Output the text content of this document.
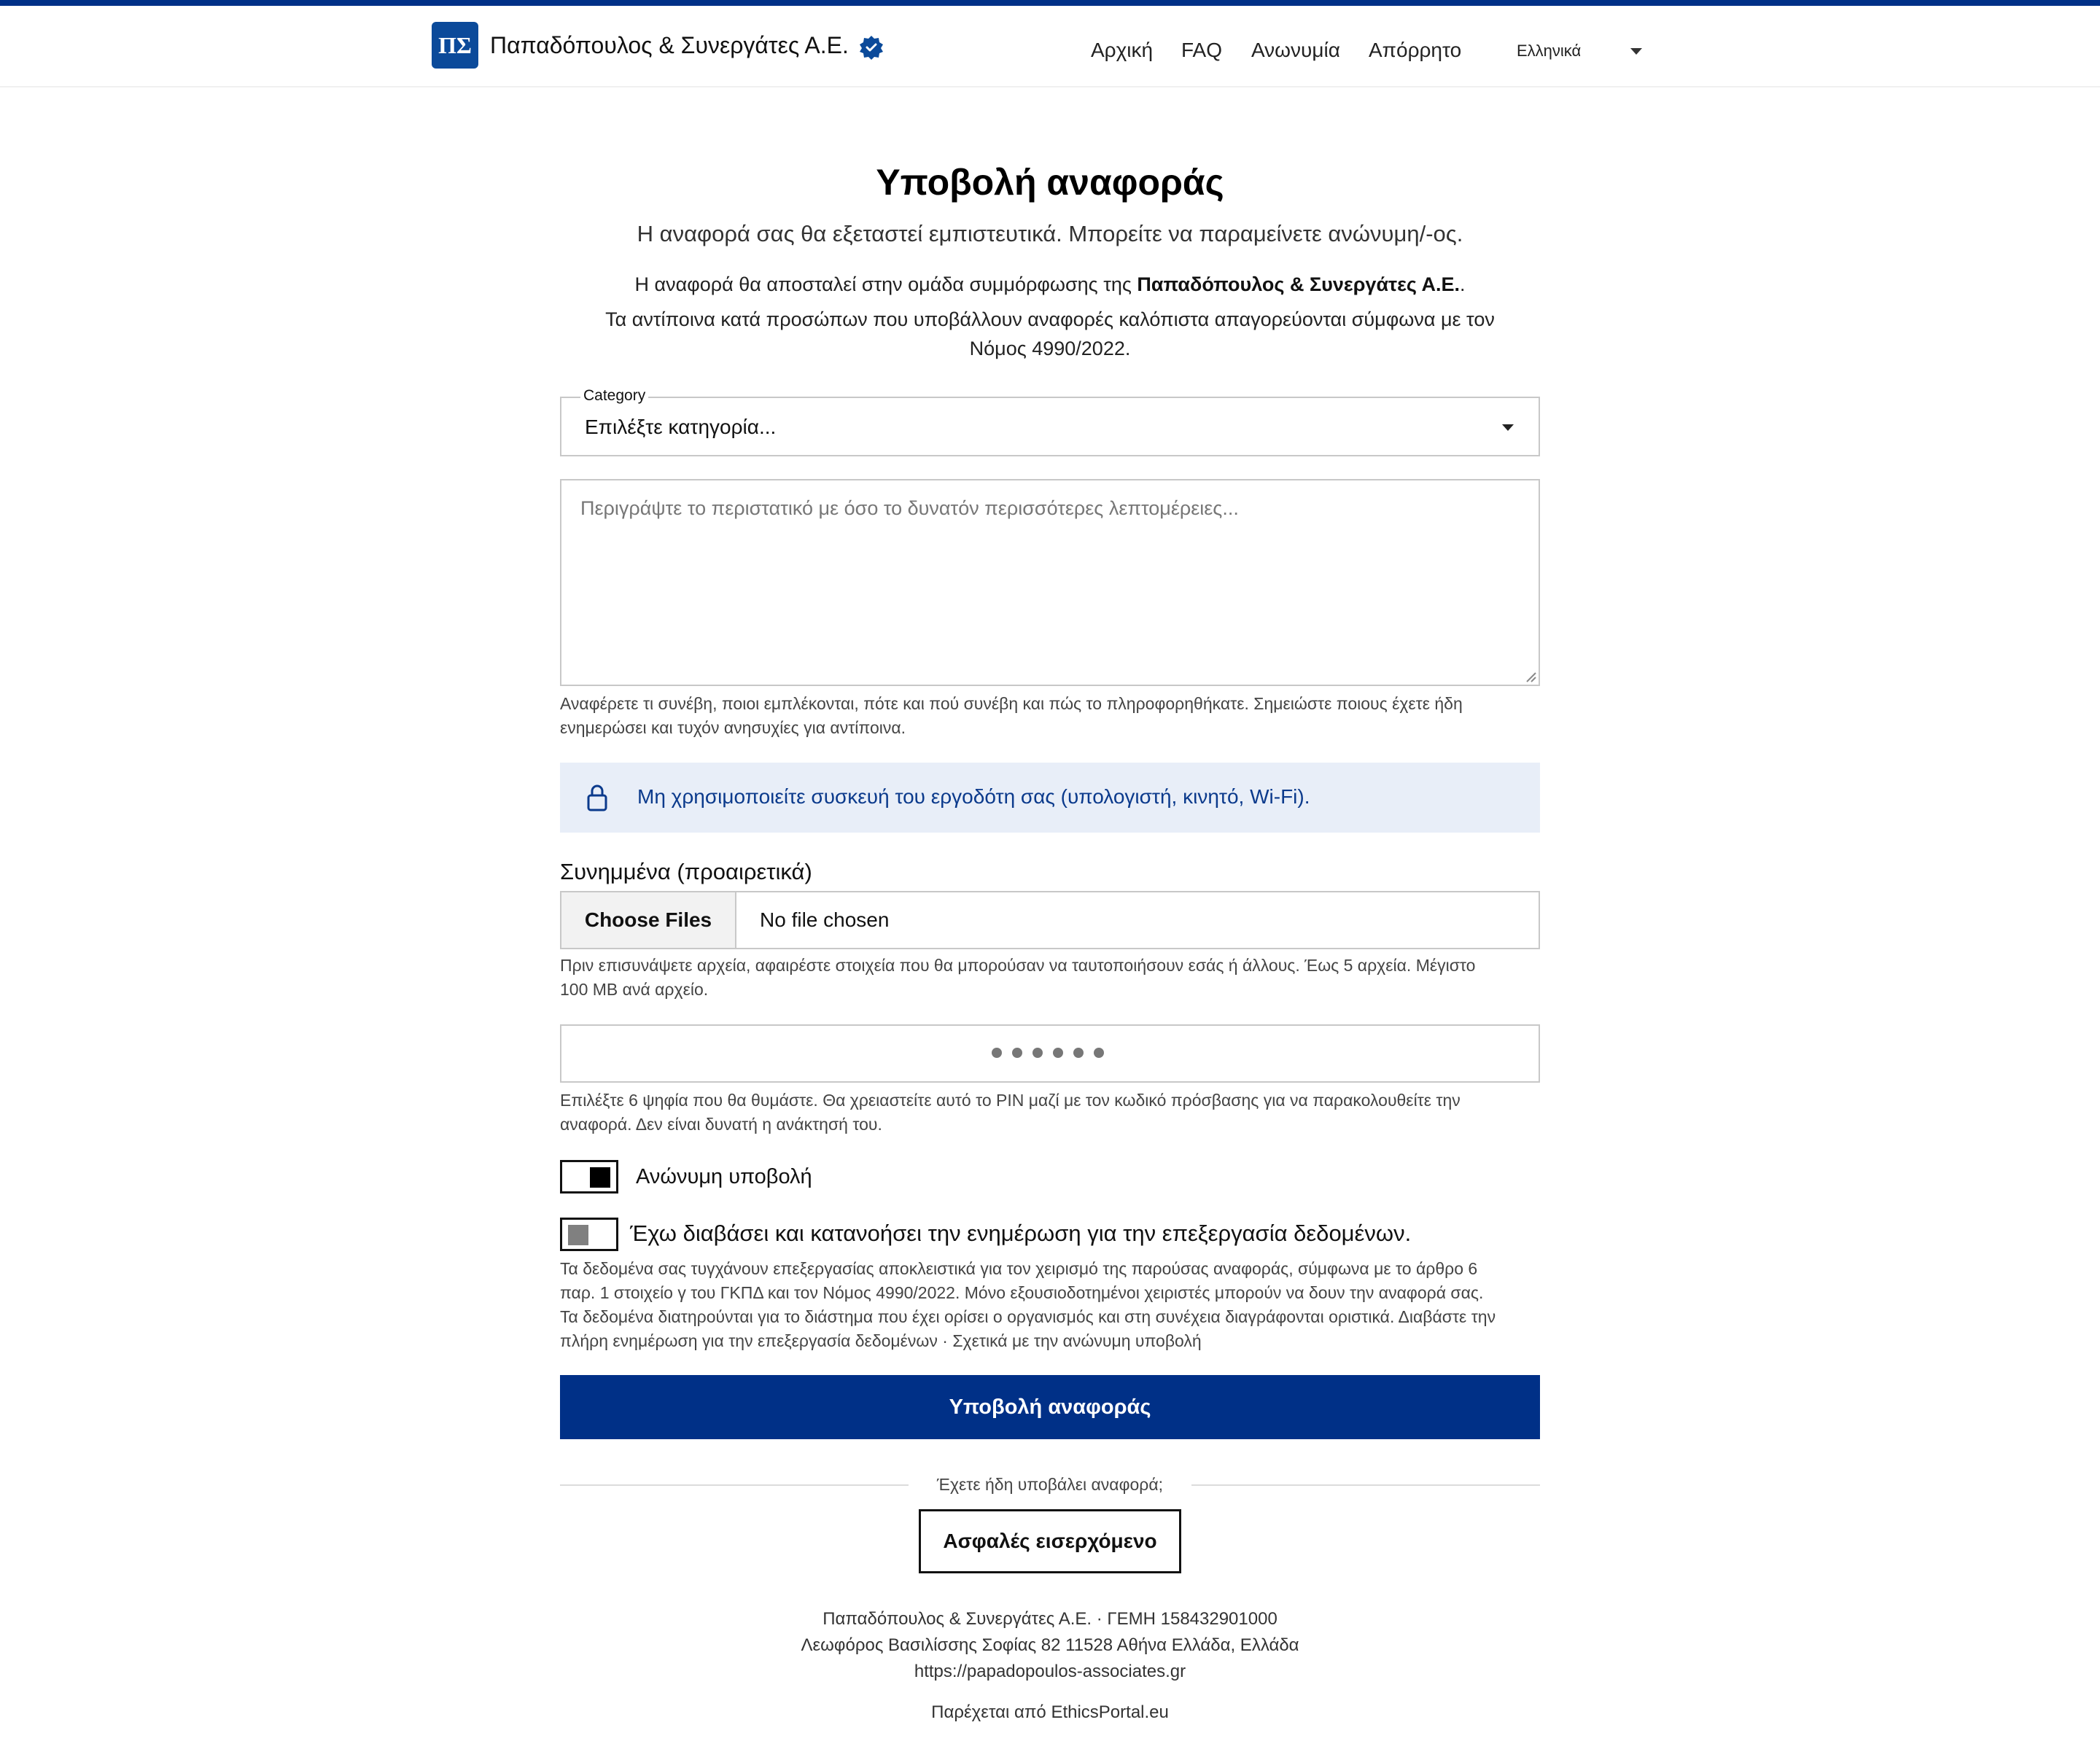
ΠΣ Παπαδόπουλος & Συνεργάτες Α.Ε.	Αρχική FAQ Ανωνυμία Απόρρητο	Ελληνικά
Υποβολή αναφοράς

Η αναφορά σας θα εξεταστεί εμπιστευτικά. Μπορείτε να παραμείνετε ανώνυμη/-ος.

Η αναφορά θα αποσταλεί στην ομάδα συμμόρφωσης της Παπαδόπουλος & Συνεργάτες Α.Ε..

Τα αντίποινα κατά προσώπων που υποβάλλουν αναφορές καλόπιστα απαγορεύονται σύμφωνα με τον

Νόμος 4990/2022.

Επιλέξτε κατηγορία...
Category
Περιγράψτε το περιστατικό με όσο το δυνατόν περισσότερες λεπτομέρειες...
Αναφέρετε τι συνέβη, ποιοι εμπλέκονται, πότε και πού συνέβη και πώς το πληροφορηθήκατε. Σημειώστε ποιους έχετε ήδη
ενημερώσει και τυχόν ανησυχίες για αντίποινα.
Μη χρησιμοποιείτε συσκευή του εργοδότη σας (υπολογιστή, κινητό, Wi-Fi).
Συνημμένα (προαιρετικά)
Choose Files	No file chosen
Πριν επισυνάψετε αρχεία, αφαιρέστε στοιχεία που θα μπορούσαν να ταυτοποιήσουν εσάς ή άλλους. Έως 5 αρχεία. Μέγιστο
100 MB ανά αρχείο.
Επιλέξτε 6 ψηφία που θα θυμάστε. Θα χρειαστείτε αυτό το PIN μαζί με τον κωδικό πρόσβασης για να παρακολουθείτε την
αναφορά. Δεν είναι δυνατή η ανάκτησή του.
Ανώνυμη υποβολή
Έχω διαβάσει και κατανοήσει την ενημέρωση για την επεξεργασία δεδομένων.
Τα δεδομένα σας τυγχάνουν επεξεργασίας αποκλειστικά για τον χειρισμό της παρούσας αναφοράς, σύμφωνα με το άρθρο 6
παρ. 1 στοιχείο γ του ΓΚΠΔ και τον Νόμος 4990/2022. Μόνο εξουσιοδοτημένοι χειριστές μπορούν να δουν την αναφορά σας.
Τα δεδομένα διατηρούνται για το διάστημα που έχει ορίσει ο οργανισμός και στη συνέχεια διαγράφονται οριστικά. Διαβάστε την
πλήρη ενημέρωση για την επεξεργασία δεδομένων · Σχετικά με την ανώνυμη υποβολή
Υποβολή αναφοράς
Έχετε ήδη υποβάλει αναφορά;
Ασφαλές εισερχόμενο
Παπαδόπουλος & Συνεργάτες Α.Ε. · ΓΕΜΗ 158432901000
Λεωφόρος Βασιλίσσης Σοφίας 82 11528 Αθήνα Ελλάδα, Ελλάδα
https://papadopoulos-associates.gr
Παρέχεται από EthicsPortal.eu
